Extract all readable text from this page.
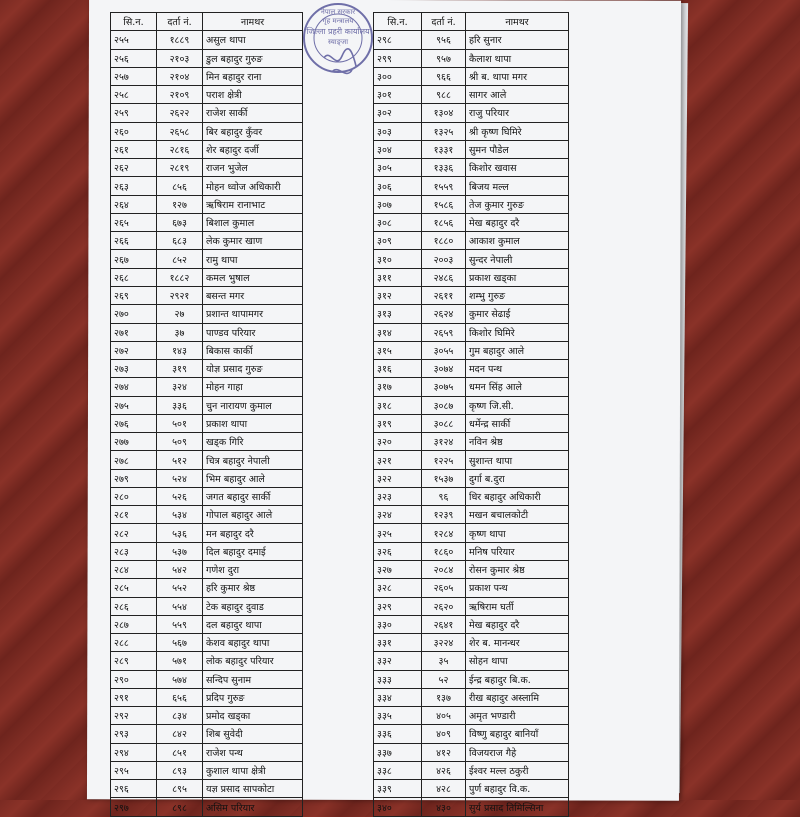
सि.न.	दर्ता नं.	नामथर
२५५	१८८९	असुल थापा
२५६	२१०३	डुल बहादुर गुरुङ
२५७	२१०४	मिन बहादुर राना
२५८	२१०९	पराश क्षेत्री
२५९	२६२२	राजेश सार्की
२६०	२६५८	बिर बहादुर कुँवर
२६१	२८१६	शेर बहादुर दर्जी
२६२	२८१९	राजन भुजेल
२६३	८५६	मोहन ध्वोज अधिकारी
२६४	१२७	ऋषिराम रानाभाट
२६५	६७३	बिशाल कुमाल
२६६	६८३	लेक कुमार खाण
२६७	८५२	रामु थापा
२६८	१८८२	कमल भुषाल
२६९	२९२१	बसन्त मगर
२७०	२७	प्रशान्त थापामगर
२७१	३७	पाण्डव परियार
२७२	१४३	बिकास कार्की
२७३	३१९	योज्ञ प्रसाद गुरुङ
२७४	३२४	मोहन गाहा
२७५	३३६	चुन नारायण कुमाल
२७६	५०१	प्रकाश थापा
२७७	५०९	खड्क गिरि
२७८	५१२	चित्र बहादुर नेपाली
२७९	५२४	भिम बहादुर आले
२८०	५२६	जगत बहादुर सार्की
२८१	५३४	गोपाल बहादुर आले
२८२	५३६	मन बहादुर दरै
२८३	५३७	दिल बहादुर दमाई
२८४	५४२	गणेश दुरा
२८५	५५२	हरि कुमार श्रेष्ठ
२८६	५५४	टेक बहादुर दुवाड
२८७	५५९	दल बहादुर थापा
२८८	५६७	केशव बहादुर थापा
२८९	५७१	लोक बहादुर परियार
२९०	५७४	सन्दिप सुनाम
२९१	६५६	प्रदिप गुरुङ
२९२	८३४	प्रमोद खड्का
२९३	८४२	शिब सुवेदी
२९४	८५१	राजेश पन्थ
२९५	८९३	कुशाल थापा क्षेत्री
२९६	८९५	यज्ञ प्रसाद सापकोटा
२९७	८९८	असिम परियार
सि.न.	दर्ता नं.	नामथर
२९८	९५६	हरि सुनार
२९९	९५७	कैलाश थापा
३००	९६६	श्री ब. थापा मगर
३०१	९८८	सागर आले
३०२	१३०४	राजु परियार
३०३	१३२५	श्री कृष्ण घिमिरे
३०४	१३३१	सुमन पौडेल
३०५	१३३६	किशोर खवास
३०६	१५५९	बिजय मल्ल
३०७	१५८६	तेज कुमार गुरुङ
३०८	१८५६	मेख बहादुर दरै
३०९	१८८०	आकाश कुमाल
३१०	२००३	सुन्दर नेपाली
३११	२४८६	प्रकाश खड्का
३१२	२६११	शम्भु गुरुङ
३१३	२६२४	कुमार सेढाई
३१४	२६५९	किशोर घिमिरे
३१५	३०५५	गुम बहादुर आले
३१६	३०७४	मदन पन्थ
३१७	३०७५	धमन सिंह आले
३१८	३०८७	कृष्ण जि.सी.
३१९	३०८८	धर्मेन्द्र सार्की
३२०	३१२४	नविन श्रेष्ठ
३२१	१२२५	सुशान्त थापा
३२२	१५३७	दुर्गा ब.दुरा
३२३	९६	धिर बहादुर अधिकारी
३२४	१२३९	मखन बचालकोटी
३२५	१२८४	कृष्ण थापा
३२६	१८६०	मनिष परियार
३२७	२०८४	रोसन कुमार श्रेष्ठ
३२८	२६०५	प्रकाश पन्थ
३२९	२६२०	ऋषिराम घर्ती
३३०	२६४१	मेख बहादुर दरै
३३१	३२२४	शेर ब. मानन्धर
३३२	३५	सोहन थापा
३३३	५२	ईन्द्र बहादुर बि.क.
३३४	१३७	रीख बहादुर अस्लामि
३३५	४०५	अमृत भण्डारी
३३६	४०९	विष्णु बहादुर बानियाँ
३३७	४१२	विजयराज गैहे
३३८	४२६	ईश्वर मल्ल ठकुरी
३३९	४२८	पुर्ण बहादुर वि.क.
३४०	४३०	सुर्य प्रसाद तिमिल्सिना
नेपाल सरकार
गृह मन्त्रालय
जिल्ला प्रहरी कार्यालय
स्याङ्जा
